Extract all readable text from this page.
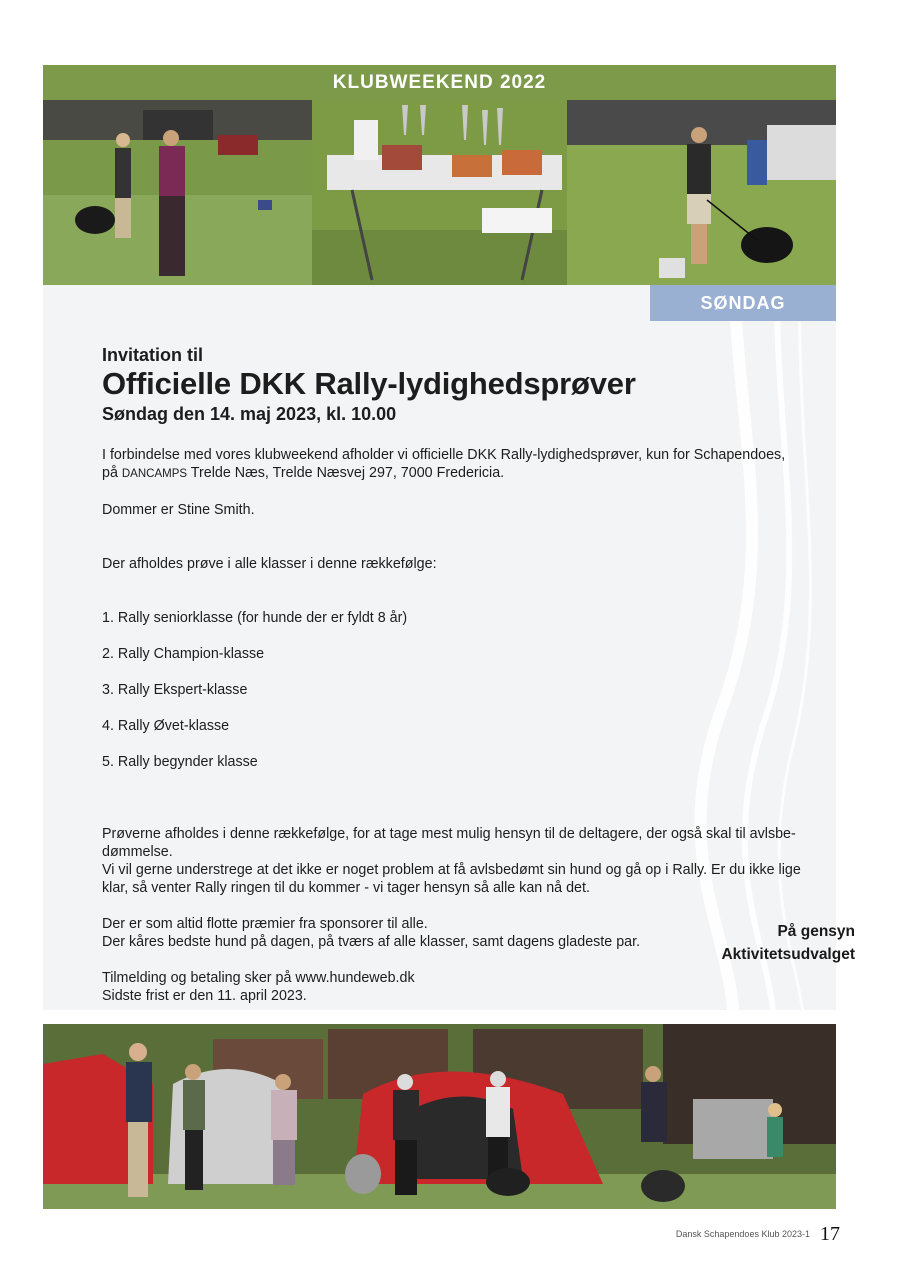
KLUBWEEKEND 2022
SØNDAG

Invitation til

Officielle DKK Rally-lydighedsprøver

Søndag den 14. maj 2023, kl. 10.00

I forbindelse med vores klubweekend afholder vi officielle DKK Rally-lydighedsprøver, kun for Schapendoes, på DANCAMPS Trelde Næs, Trelde Næsvej 297, 7000 Fredericia.

Dommer er Stine Smith.

Der afholdes prøve i alle klasser i denne rækkefølge:

1. Rally seniorklasse (for hunde der er fyldt 8 år)

2. Rally Champion-klasse

3. Rally Ekspert-klasse

4. Rally Øvet-klasse

5. Rally begynder klasse

Prøverne afholdes i denne rækkefølge, for at tage mest mulig hensyn til de deltagere, der også skal til avlsbe-
dømmelse.
Vi vil gerne understrege at det ikke er noget problem at få avlsbedømt sin hund og gå op i Rally. Er du ikke lige
klar, så venter Rally ringen til du kommer - vi tager hensyn så alle kan nå det.

Der er som altid flotte præmier fra sponsorer til alle.
Der kåres bedste hund på dagen, på tværs af alle klasser, samt dagens gladeste par.

Tilmelding og betaling sker på www.hundeweb.dk
Sidste frist er den 11. april 2023.

På gensyn
Aktivitetsudvalget
Dansk Schapendoes Klub 2023-1 17
